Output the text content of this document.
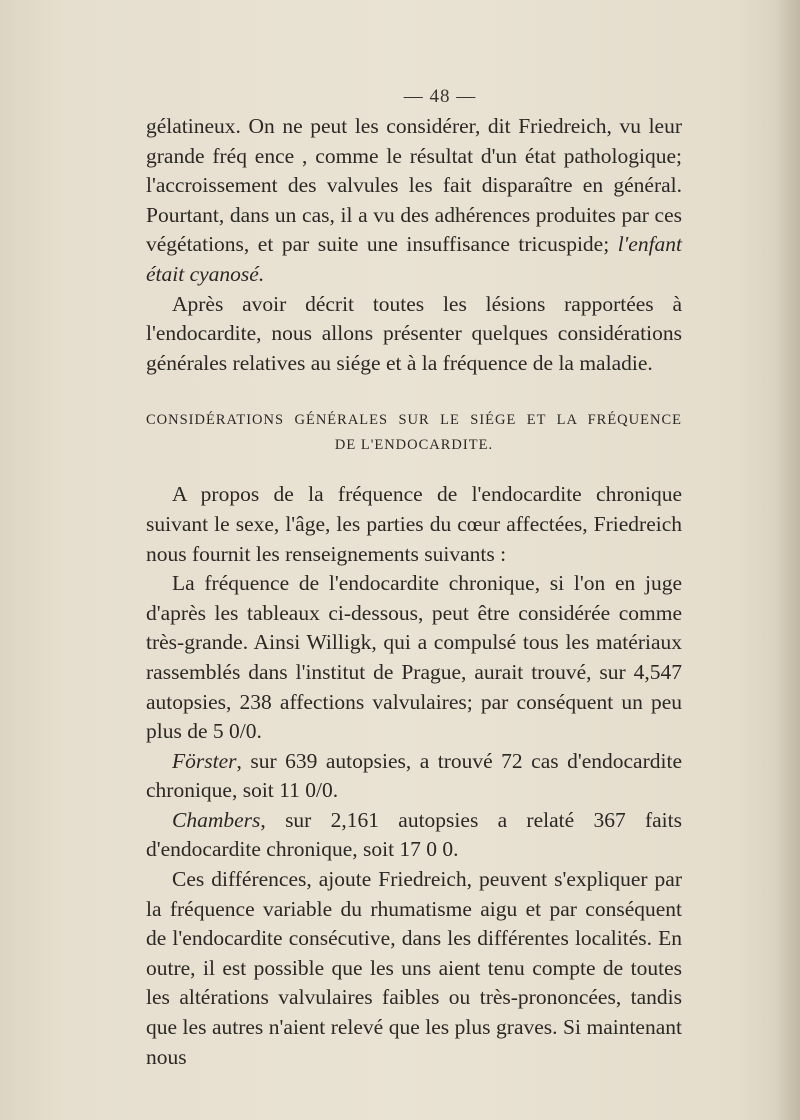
— 48 —

gélatineux. On ne peut les considérer, dit Friedreich, vu leur grande fréq ence , comme le résultat d'un état pathologique; l'accroissement des valvules les fait disparaître en général. Pourtant, dans un cas, il a vu des adhérences produites par ces végétations, et par suite une insuffisance tricuspide; l'enfant était cyanosé.

Après avoir décrit toutes les lésions rapportées à l'endocardite, nous allons présenter quelques considérations générales relatives au siége et à la fréquence de la maladie.

CONSIDÉRATIONS GÉNÉRALES SUR LE SIÉGE ET LA FRÉQUENCE
DE L'ENDOCARDITE.

A propos de la fréquence de l'endocardite chronique suivant le sexe, l'âge, les parties du cœur affectées, Friedreich nous fournit les renseignements suivants :

La fréquence de l'endocardite chronique, si l'on en juge d'après les tableaux ci-dessous, peut être considérée comme très-grande. Ainsi Willigk, qui a compulsé tous les matériaux rassemblés dans l'institut de Prague, aurait trouvé, sur 4,547 autopsies, 238 affections valvulaires; par conséquent un peu plus de 5 0/0.

Förster, sur 639 autopsies, a trouvé 72 cas d'endocardite chronique, soit 11 0/0.

Chambers, sur 2,161 autopsies a relaté 367 faits d'endocardite chronique, soit 17 0 0.

Ces différences, ajoute Friedreich, peuvent s'expliquer par la fréquence variable du rhumatisme aigu et par conséquent de l'endocardite consécutive, dans les différentes localités. En outre, il est possible que les uns aient tenu compte de toutes les altérations valvulaires faibles ou très-prononcées, tandis que les autres n'aient relevé que les plus graves. Si maintenant nous
